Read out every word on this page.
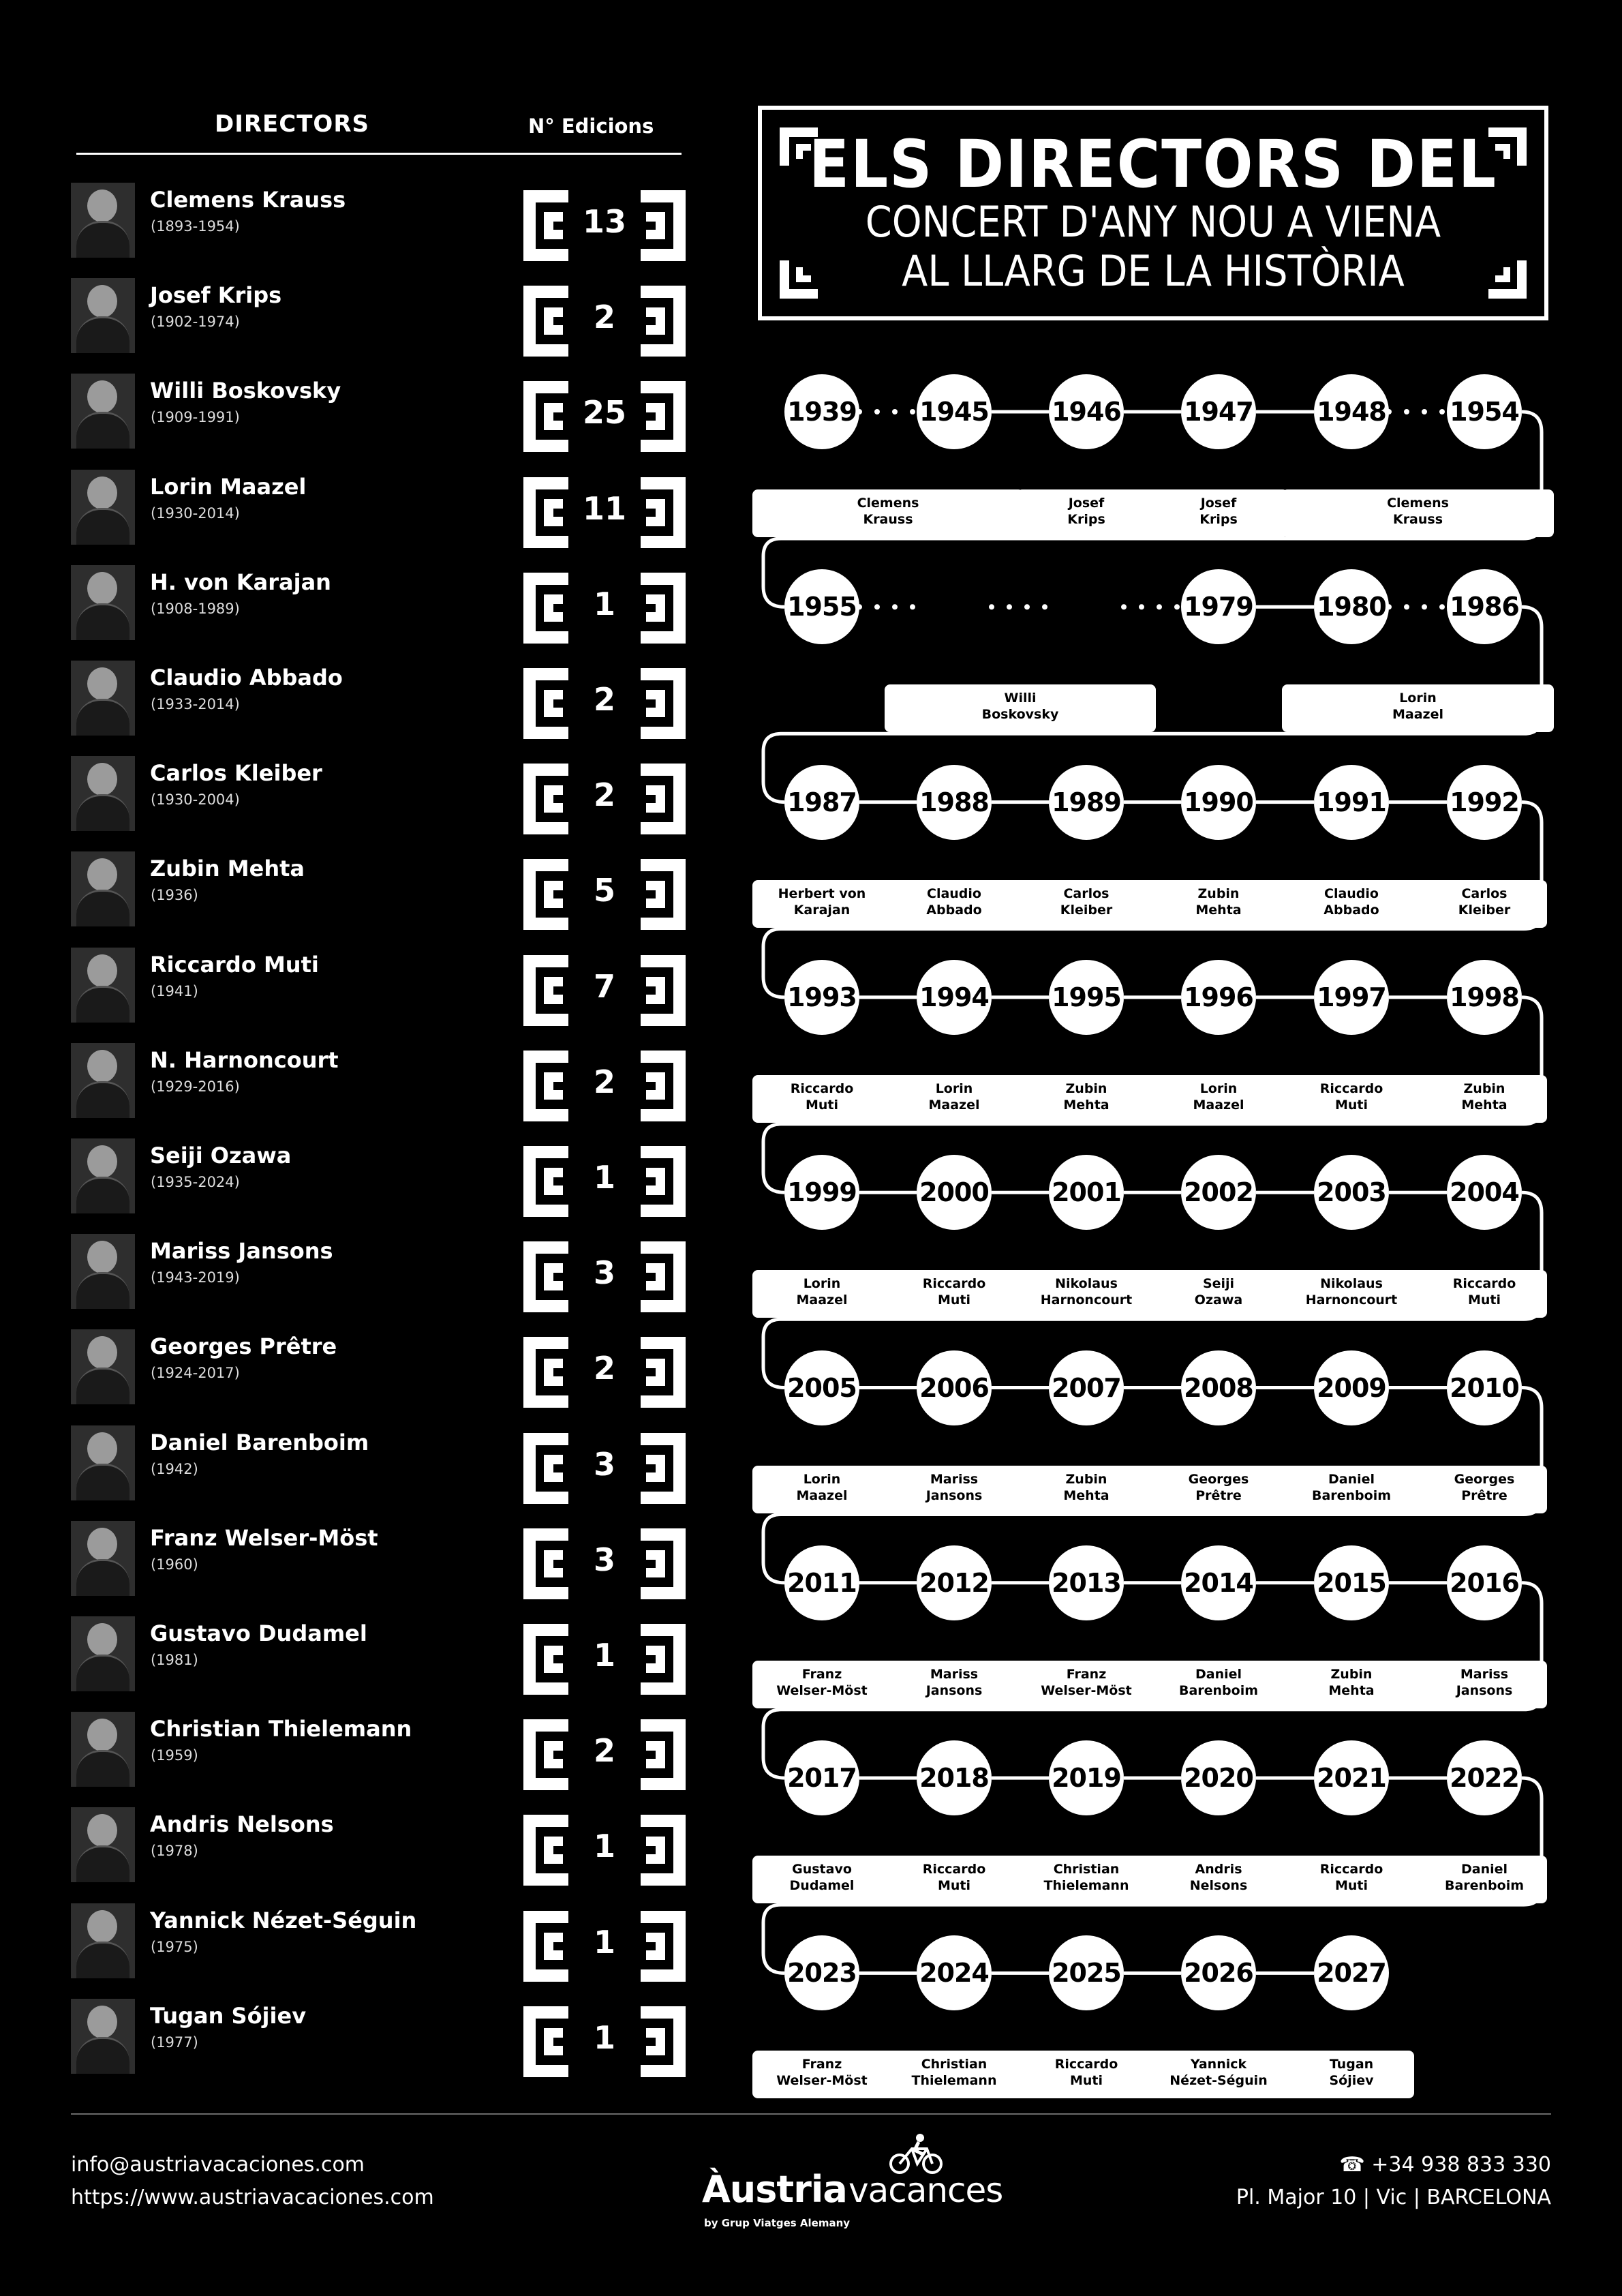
DIRECTORS	N° Edicions
Clemens Krauss
(1893-1954)	13
Josef Krips
(1902-1974)	2
Willi Boskovsky
(1909-1991)	25
Lorin Maazel
(1930-2014)	11
H. von Karajan
(1908-1989)	1
Claudio Abbado
(1933-2014)	2
Carlos Kleiber
(1930-2004)	2
Zubin Mehta
(1936)	5
Riccardo Muti
(1941)	7
N. Harnoncourt
(1929-2016)	2
Seiji Ozawa
(1935-2024)	1
Mariss Jansons
(1943-2019)	3
Georges Prêtre
(1924-2017)	2
Daniel Barenboim
(1942)	3
Franz Welser-Möst
(1960)	3
Gustavo Dudamel
(1981)	1
Christian Thielemann
(1959)	2
Andris Nelsons
(1978)	1
Yannick Nézet-Séguin
(1975)	1
Tugan Sójiev
(1977)	1
ELS DIRECTORS DEL
CONCERT D'ANY NOU A VIENA
AL LLARG DE LA HISTÒRIA
1939 1945 1946 1947 1948 1954
Clemens
Krauss
Josef
Krips
Josef
Krips
Clemens
Krauss
1955	1979 1980 1986
Willi
Boskovsky
Lorin
Maazel
1987 1988 1989 1990 1991 1992
Herbert von
Karajan
Claudio
Abbado
Carlos
Kleiber
Zubin
Mehta
Claudio
Abbado
Carlos
Kleiber
1993 1994 1995 1996 1997 1998
Riccardo
Muti
Lorin
Maazel
Zubin
Mehta
Lorin
Maazel
Riccardo
Muti
Zubin
Mehta
1999 2000 2001 2002 2003 2004
Lorin
Maazel
Riccardo
Muti
Nikolaus
Harnoncourt
Seiji
Ozawa
Nikolaus
Harnoncourt
Riccardo
Muti
2005 2006 2007 2008 2009 2010
Lorin
Maazel
Mariss
Jansons
Zubin
Mehta
Georges
Prêtre
Daniel
Barenboim
Georges
Prêtre
2011 2012 2013 2014 2015 2016
Franz
Welser-Möst
Mariss
Jansons
Franz
Welser-Möst
Daniel
Barenboim
Zubin
Mehta
Mariss
Jansons
2017 2018 2019 2020 2021 2022
Gustavo
Dudamel
Riccardo
Muti
Christian
Thielemann
Andris
Nelsons
Riccardo
Muti
Daniel
Barenboim
2023 2024 2025 2026 2027
Franz
Welser-Möst
Christian
Thielemann
Riccardo
Muti
Yannick
Nézet-Séguin
Tugan
Sójiev
info@austriavacaciones.com
https://www.austriavacaciones.com	Àustria vacances
by Grup Viatges Alemany
☎ +34 938 833 330
Pl. Major 10 | Vic | BARCELONA
